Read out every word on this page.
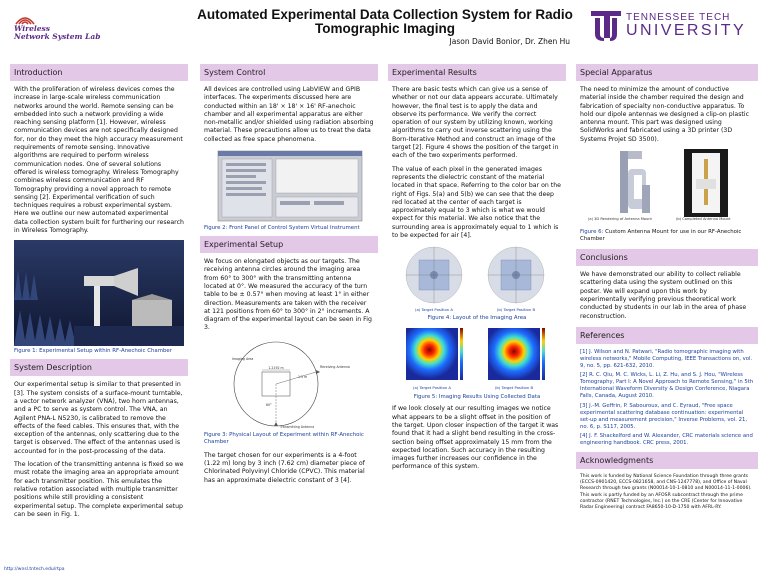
Wireless
Network System Lab
Automated Experimental Data Collection System for Radio Tomographic Imaging
Jason David Bonior, Dr. Zhen Hu
TENNESSEE TECH
UNIVERSITY
Introduction
With the proliferation of wireless devices comes the increase in large-scale wireless communication networks around the world. Remote sensing can be embedded into such a network providing a wide reaching sensing platform [1]. However, wireless communication devices are not specifically designed for, nor do they meet the high accuracy measurement requirements of remote sensing. Innovative algorithms are required to perform wireless communication nodes. One of several solutions offered is wireless tomography. Wireless Tomography combines wireless communication and RF Tomography providing a novel approach to remote sensing [2]. Experimental verification of such techniques requires a robust experimental system. Here we outline our new automated experimental data collection system built for furthering our research in Wireless Tomography.
Figure 1: Experimental Setup within RF-Anechoic Chamber
System Description
Our experimental setup is similar to that presented in [3]. The system consists of a surface-mount turntable, a vector network analyzer (VNA), two horn antennas, and a PC to serve as system control. The VNA, an Agilent PNA-L N5230, is calibrated to remove the effects of the feed cables. This ensures that, with the exception of the antennas, only scattering due to the target is observed. The effect of the antennas used is accounted for in the post-processing of the data.
The location of the transmitting antenna is fixed so we must rotate the imaging area an appropriate amount for each transmitter position. This emulates the relative rotation associated with multiple transmitter positions while still providing a consistent experimental setup. The complete experimental setup can be seen in Fig. 1.
System Control
All devices are controlled using LabVIEW and GPIB interfaces. The experiments discussed here are conducted within an 18' × 18' × 16' RF-anechoic chamber and all experimental apparatus are either non-metallic and/or shielded using radiation absorbing material. These precautions allow us to treat the data collected as free space phenomena.
Figure 2: Front Panel of Control System Virtual Instrument
Experimental Setup
We focus on elongated objects as our targets. The receiving antenna circles around the imaging area from 60° to 300° with the transmitting antenna located at 0°. We measured the accuracy of the turn table to be ± 0.57° when moving at least 1° in either direction. Measurements are taken with the receiver at 121 positions from 60° to 300° in 2° increments. A diagram of the experimental layout can be seen in Fig 3.
1.2192 m
1.5 m
Imaging Area
Receiving Antenna
Transmitting Antenna
60°
Figure 3: Physical Layout of Experiment within RF-Anechoic Chamber
The target chosen for our experiments is a 4-foot (1.22 m) long by 3 inch (7.62 cm) diameter piece of Chlorinated Polyvinyl Chloride (CPVC). This material has an approximate dielectric constant of 3 [4].
Experimental Results
There are basic tests which can give us a sense of whether or not our data appears accurate. Ultimately however, the final test is to apply the data and observe its performance. We verify the correct operation of our system by utilizing known, working algorithms to carry out inverse scattering using the Born-Iterative Method and construct an image of the target [2]. Figure 4 shows the position of the target in each of the two experiments performed.
The value of each pixel in the generated images represents the dielectric constant of the material located in that space. Referring to the color bar on the right of Figs. 5(a) and 5(b) we can see that the deep red located at the center of each target is approximately equal to 3 which is what we would expect for this material. We also notice that the surrounding area is approximately equal to 1 which is to be expected for air [4].
(a) Target Position A	(b) Target Position B
Figure 4: Layout of the Imaging Area
(a) Target Position A	(b) Target Position B
Figure 5: Imaging Results Using Collected Data
If we look closely at our resulting images we notice what appears to be a slight offset in the position of the target. Upon closer inspection of the target it was found that it had a slight bend resulting in the cross-section being offset approximately 15 mm from the expected location. Such accuracy in the resulting images further increases our confidence in the performance of this system.
Special Apparatus
The need to minimize the amount of conductive material inside the chamber required the design and fabrication of specialty non-conductive apparatus. To hold our dipole antennas we designed a clip-on plastic antenna mount. This part was designed using SolidWorks and fabricated using a 3D printer (3D Systems Projet SD 3500).
(a) 3D Rendering of Antenna Mount	(b) Completed Antenna Mount
Figure 6: Custom Antenna Mount for use in our RF-Anechoic Chamber
Conclusions
We have demonstrated our ability to collect reliable scattering data using the system outlined on this poster. We will expand upon this work by experimentally verifying previous theoretical work conducted by students in our lab in the area of phase reconstruction.
References
[1] J. Wilson and N. Patwari, "Radio tomographic imaging with wireless networks," Mobile Computing, IEEE Transactions on, vol. 9, no. 5, pp. 621-632, 2010.
[2] R. C. Qiu, M. C. Wicks, L. Li, Z. Hu, and S. J. Hou, "Wireless Tomography, Part I: A Novel Approach to Remote Sensing," in 5th International Waveform Diversity & Design Conference, Niagara Falls, Canada, August 2010.
[3] J.-M. Geffrin, P. Sabouroux, and C. Eyraud, "Free space experimental scattering database continuation: experimental set-up and measurement precision," Inverse Problems, vol. 21, no. 6, p. S117, 2005.
[4] J. F. Shackelford and W. Alexander, CRC materials science and engineering handbook. CRC press, 2001.
Acknowledgments
This work is funded by National Science Foundation through three grants (ECCS-0901420, ECCS-0821658, and CNS-1247778), and Office of Naval Research through two grants (N00014-10-1-0810 and N00014-11-1-0006). This work is partly funded by an AFOSR subcontract through the prime contractor (RNET Technologies, Inc.) on the CRE (Center for Innovative Radar Engineering) contract FA8650-10-D-1750 with AFRL-RY.
http://wnsl.tntech.edu/rtpa
